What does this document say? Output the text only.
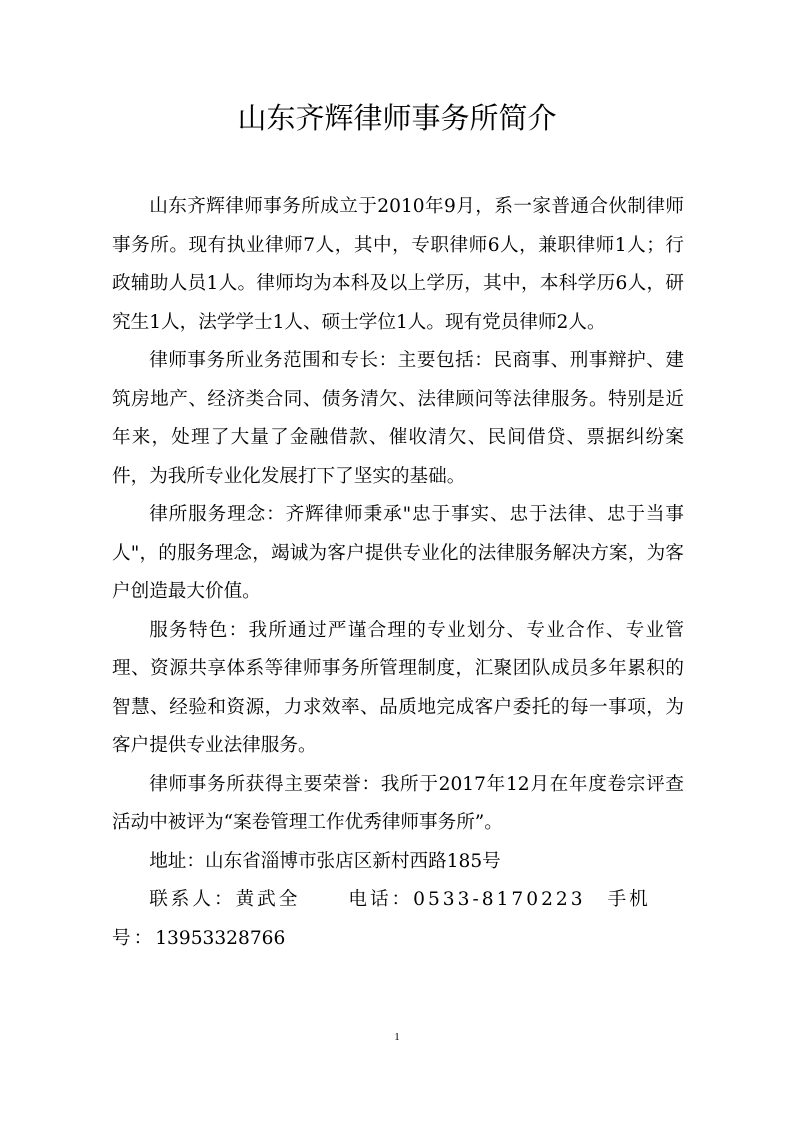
山东齐辉律师事务所简介

山东齐辉律师事务所成立于2010年9月，系一家普通合伙制律师事务所。现有执业律师7人，其中，专职律师6人，兼职律师1人；行政辅助人员1人。律师均为本科及以上学历，其中，本科学历6人，研究生1人，法学学士1人、硕士学位1人。现有党员律师2人。

律师事务所业务范围和专长：主要包括：民商事、刑事辩护、建筑房地产、经济类合同、债务清欠、法律顾问等法律服务。特别是近年来，处理了大量了金融借款、催收清欠、民间借贷、票据纠纷案件，为我所专业化发展打下了坚实的基础。

律所服务理念：齐辉律师秉承"忠于事实、忠于法律、忠于当事人"，的服务理念，竭诚为客户提供专业化的法律服务解决方案，为客户创造最大价值。

服务特色：我所通过严谨合理的专业划分、专业合作、专业管理、资源共享体系等律师事务所管理制度，汇聚团队成员多年累积的智慧、经验和资源，力求效率、品质地完成客户委托的每一事项，为客户提供专业法律服务。

律师事务所获得主要荣誉：我所于2017年12月在年度卷宗评查活动中被评为“案卷管理工作优秀律师事务所”。

地址：山东省淄博市张店区新村西路185号

联系人：黄武全	电话：0533-8170223 手机号：13953328766

1
